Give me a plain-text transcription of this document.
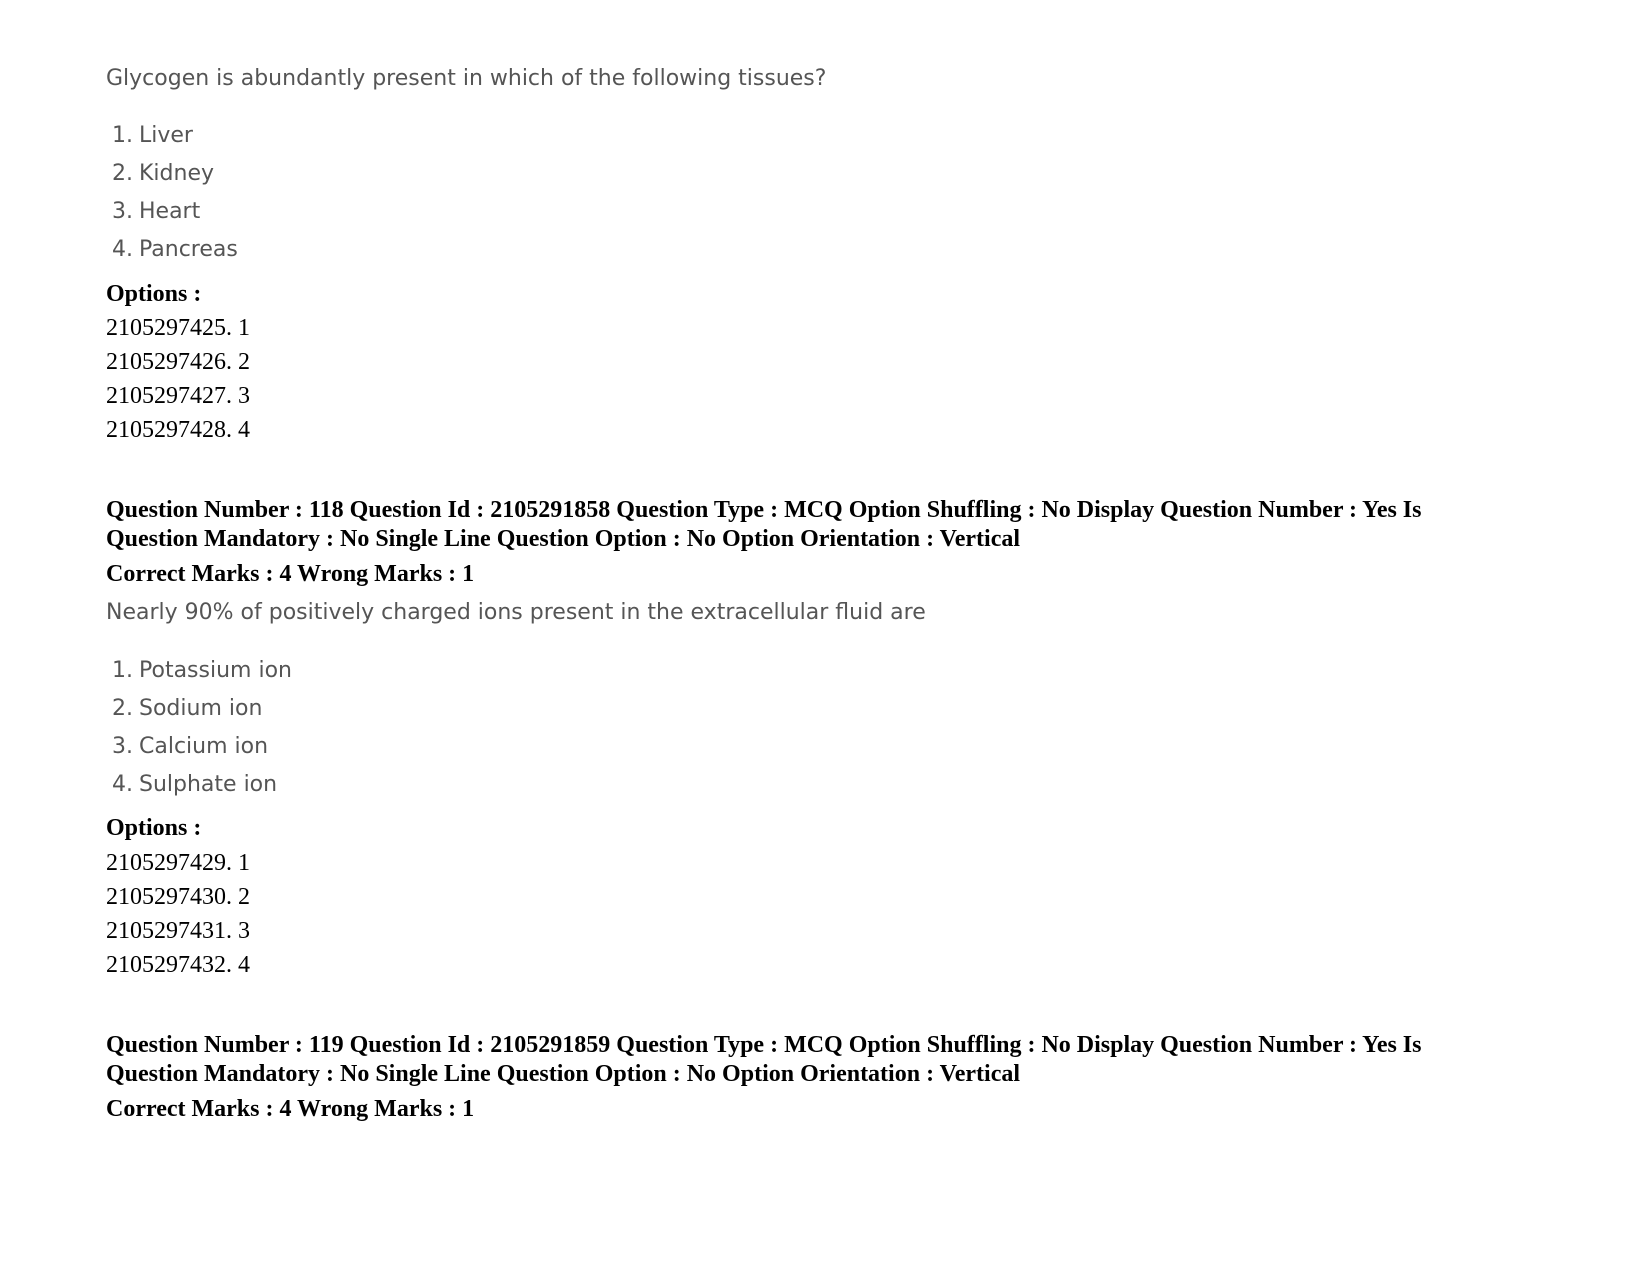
Glycogen is abundantly present in which of the following tissues?
1. Liver
2. Kidney
3. Heart
4. Pancreas
Options :
2105297425. 1
2105297426. 2
2105297427. 3
2105297428. 4
Question Number : 118 Question Id : 2105291858 Question Type : MCQ Option Shuffling : No Display Question Number : Yes Is
Question Mandatory : No Single Line Question Option : No Option Orientation : Vertical
Correct Marks : 4 Wrong Marks : 1
Nearly 90% of positively charged ions present in the extracellular fluid are
1. Potassium ion
2. Sodium ion
3. Calcium ion
4. Sulphate ion
Options :
2105297429. 1
2105297430. 2
2105297431. 3
2105297432. 4
Question Number : 119 Question Id : 2105291859 Question Type : MCQ Option Shuffling : No Display Question Number : Yes Is
Question Mandatory : No Single Line Question Option : No Option Orientation : Vertical
Correct Marks : 4 Wrong Marks : 1
